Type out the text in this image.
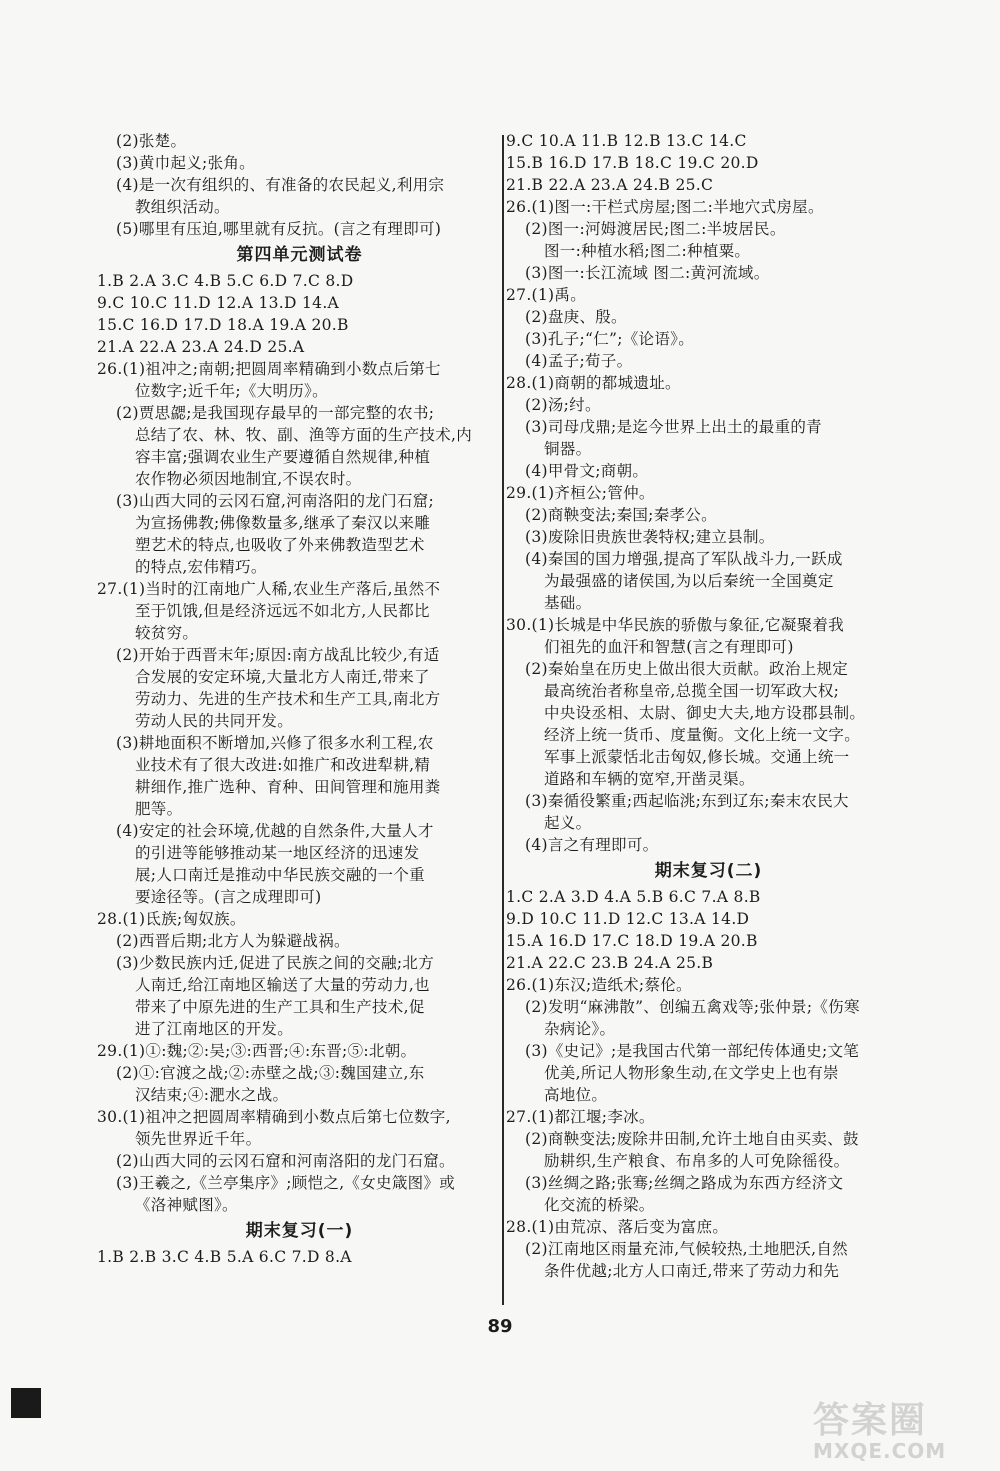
(2)张楚。
(3)黄巾起义;张角。
(4)是一次有组织的、有准备的农民起义,利用宗
教组织活动。
(5)哪里有压迫,哪里就有反抗。(言之有理即可)
第四单元测试卷
1.B 2.A 3.C 4.B 5.C 6.D 7.C 8.D
9.C 10.C 11.D 12.A 13.D 14.A
15.C 16.D 17.D 18.A 19.A 20.B
21.A 22.A 23.A 24.D 25.A
26.(1)祖冲之;南朝;把圆周率精确到小数点后第七
位数字;近千年;《大明历》。
(2)贾思勰;是我国现存最早的一部完整的农书;
总结了农、林、牧、副、渔等方面的生产技术,内
容丰富;强调农业生产要遵循自然规律,种植
农作物必须因地制宜,不误农时。
(3)山西大同的云冈石窟,河南洛阳的龙门石窟;
为宣扬佛教;佛像数量多,继承了秦汉以来雕
塑艺术的特点,也吸收了外来佛教造型艺术
的特点,宏伟精巧。
27.(1)当时的江南地广人稀,农业生产落后,虽然不
至于饥饿,但是经济远远不如北方,人民都比
较贫穷。
(2)开始于西晋末年;原因:南方战乱比较少,有适
合发展的安定环境,大量北方人南迁,带来了
劳动力、先进的生产技术和生产工具,南北方
劳动人民的共同开发。
(3)耕地面积不断增加,兴修了很多水利工程,农
业技术有了很大改进:如推广和改进犁耕,精
耕细作,推广选种、育种、田间管理和施用粪
肥等。
(4)安定的社会环境,优越的自然条件,大量人才
的引进等能够推动某一地区经济的迅速发
展;人口南迁是推动中华民族交融的一个重
要途径等。(言之成理即可)
28.(1)氐族;匈奴族。
(2)西晋后期;北方人为躲避战祸。
(3)少数民族内迁,促进了民族之间的交融;北方
人南迁,给江南地区输送了大量的劳动力,也
带来了中原先进的生产工具和生产技术,促
进了江南地区的开发。
29.(1)①:魏;②:吴;③:西晋;④:东晋;⑤:北朝。
(2)①:官渡之战;②:赤壁之战;③:魏国建立,东
汉结束;④:淝水之战。
30.(1)祖冲之把圆周率精确到小数点后第七位数字,
领先世界近千年。
(2)山西大同的云冈石窟和河南洛阳的龙门石窟。
(3)王羲之,《兰亭集序》;顾恺之,《女史箴图》或
《洛神赋图》。
期末复习(一)
1.B 2.B 3.C 4.B 5.A 6.C 7.D 8.A
9.C 10.A 11.B 12.B 13.C 14.C
15.B 16.D 17.B 18.C 19.C 20.D
21.B 22.A 23.A 24.B 25.C
26.(1)图一:干栏式房屋;图二:半地穴式房屋。
(2)图一:河姆渡居民;图二:半坡居民。
图一:种植水稻;图二:种植粟。
(3)图一:长江流域 图二:黄河流域。
27.(1)禹。
(2)盘庚、殷。
(3)孔子;“仁”;《论语》。
(4)孟子;荀子。
28.(1)商朝的都城遗址。
(2)汤;纣。
(3)司母戊鼎;是迄今世界上出土的最重的青
铜器。
(4)甲骨文;商朝。
29.(1)齐桓公;管仲。
(2)商鞅变法;秦国;秦孝公。
(3)废除旧贵族世袭特权;建立县制。
(4)秦国的国力增强,提高了军队战斗力,一跃成
为最强盛的诸侯国,为以后秦统一全国奠定
基础。
30.(1)长城是中华民族的骄傲与象征,它凝聚着我
们祖先的血汗和智慧(言之有理即可)
(2)秦始皇在历史上做出很大贡献。政治上规定
最高统治者称皇帝,总揽全国一切军政大权;
中央设丞相、太尉、御史大夫,地方设郡县制。
经济上统一货币、度量衡。文化上统一文字。
军事上派蒙恬北击匈奴,修长城。交通上统一
道路和车辆的宽窄,开凿灵渠。
(3)秦循役繁重;西起临洮;东到辽东;秦末农民大
起义。
(4)言之有理即可。
期末复习(二)
1.C 2.A 3.D 4.A 5.B 6.C 7.A 8.B
9.D 10.C 11.D 12.C 13.A 14.D
15.A 16.D 17.C 18.D 19.A 20.B
21.A 22.C 23.B 24.A 25.B
26.(1)东汉;造纸术;蔡伦。
(2)发明“麻沸散”、创编五禽戏等;张仲景;《伤寒
杂病论》。
(3)《史记》;是我国古代第一部纪传体通史;文笔
优美,所记人物形象生动,在文学史上也有崇
高地位。
27.(1)都江堰;李冰。
(2)商鞅变法;废除井田制,允许土地自由买卖、鼓
励耕织,生产粮食、布帛多的人可免除徭役。
(3)丝绸之路;张骞;丝绸之路成为东西方经济文
化交流的桥梁。
28.(1)由荒凉、落后变为富庶。
(2)江南地区雨量充沛,气候较热,土地肥沃,自然
条件优越;北方人口南迁,带来了劳动力和先
89
答案圈
MXQE.COM
